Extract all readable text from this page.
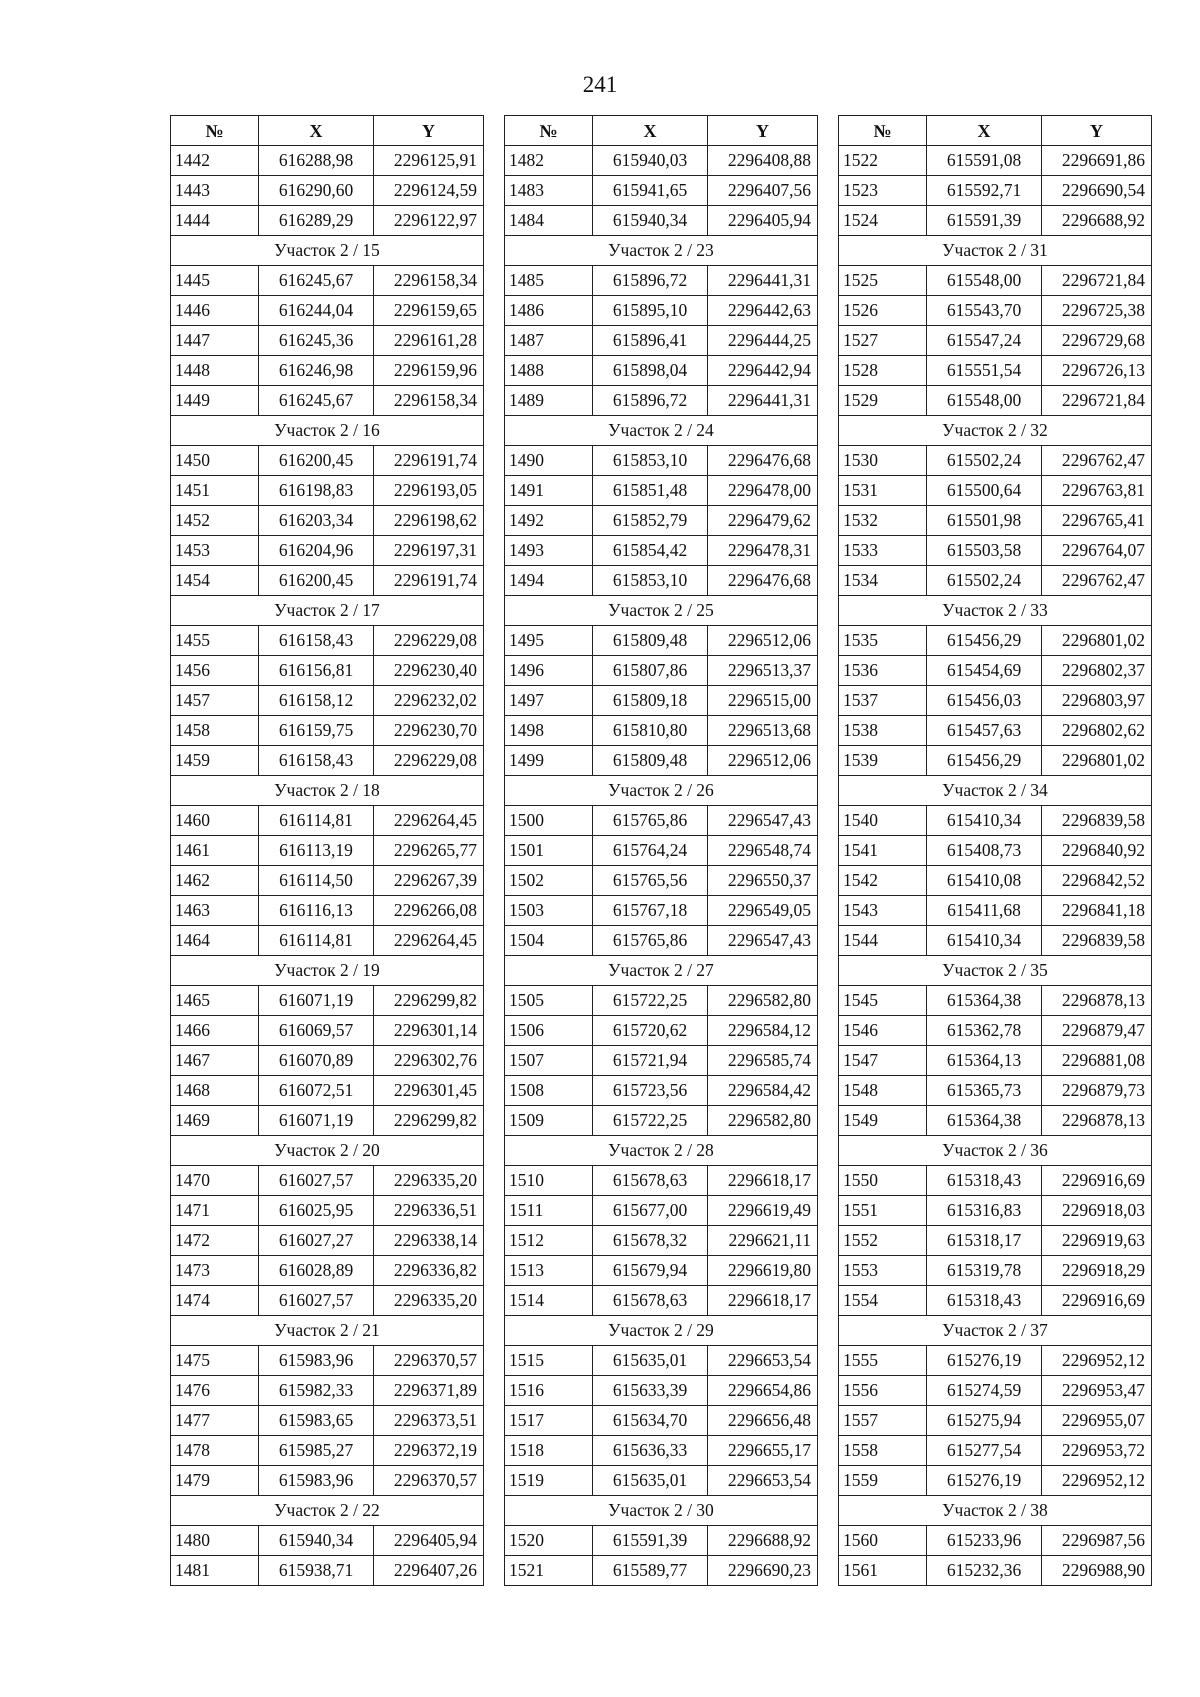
241
№	X	Y
1442	616288,98	2296125,91
1443	616290,60	2296124,59
1444	616289,29	2296122,97
Участок 2 / 15		
1445	616245,67	2296158,34
1446	616244,04	2296159,65
1447	616245,36	2296161,28
1448	616246,98	2296159,96
1449	616245,67	2296158,34
Участок 2 / 16		
1450	616200,45	2296191,74
1451	616198,83	2296193,05
1452	616203,34	2296198,62
1453	616204,96	2296197,31
1454	616200,45	2296191,74
Участок 2 / 17		
1455	616158,43	2296229,08
1456	616156,81	2296230,40
1457	616158,12	2296232,02
1458	616159,75	2296230,70
1459	616158,43	2296229,08
Участок 2 / 18		
1460	616114,81	2296264,45
1461	616113,19	2296265,77
1462	616114,50	2296267,39
1463	616116,13	2296266,08
1464	616114,81	2296264,45
Участок 2 / 19		
1465	616071,19	2296299,82
1466	616069,57	2296301,14
1467	616070,89	2296302,76
1468	616072,51	2296301,45
1469	616071,19	2296299,82
Участок 2 / 20		
1470	616027,57	2296335,20
1471	616025,95	2296336,51
1472	616027,27	2296338,14
1473	616028,89	2296336,82
1474	616027,57	2296335,20
Участок 2 / 21		
1475	615983,96	2296370,57
1476	615982,33	2296371,89
1477	615983,65	2296373,51
1478	615985,27	2296372,19
1479	615983,96	2296370,57
Участок 2 / 22		
1480	615940,34	2296405,94
1481	615938,71	2296407,26
№	X	Y
1482	615940,03	2296408,88
1483	615941,65	2296407,56
1484	615940,34	2296405,94
Участок 2 / 23		
1485	615896,72	2296441,31
1486	615895,10	2296442,63
1487	615896,41	2296444,25
1488	615898,04	2296442,94
1489	615896,72	2296441,31
Участок 2 / 24		
1490	615853,10	2296476,68
1491	615851,48	2296478,00
1492	615852,79	2296479,62
1493	615854,42	2296478,31
1494	615853,10	2296476,68
Участок 2 / 25		
1495	615809,48	2296512,06
1496	615807,86	2296513,37
1497	615809,18	2296515,00
1498	615810,80	2296513,68
1499	615809,48	2296512,06
Участок 2 / 26		
1500	615765,86	2296547,43
1501	615764,24	2296548,74
1502	615765,56	2296550,37
1503	615767,18	2296549,05
1504	615765,86	2296547,43
Участок 2 / 27		
1505	615722,25	2296582,80
1506	615720,62	2296584,12
1507	615721,94	2296585,74
1508	615723,56	2296584,42
1509	615722,25	2296582,80
Участок 2 / 28		
1510	615678,63	2296618,17
1511	615677,00	2296619,49
1512	615678,32	2296621,11
1513	615679,94	2296619,80
1514	615678,63	2296618,17
Участок 2 / 29		
1515	615635,01	2296653,54
1516	615633,39	2296654,86
1517	615634,70	2296656,48
1518	615636,33	2296655,17
1519	615635,01	2296653,54
Участок 2 / 30		
1520	615591,39	2296688,92
1521	615589,77	2296690,23
№	X	Y
1522	615591,08	2296691,86
1523	615592,71	2296690,54
1524	615591,39	2296688,92
Участок 2 / 31		
1525	615548,00	2296721,84
1526	615543,70	2296725,38
1527	615547,24	2296729,68
1528	615551,54	2296726,13
1529	615548,00	2296721,84
Участок 2 / 32		
1530	615502,24	2296762,47
1531	615500,64	2296763,81
1532	615501,98	2296765,41
1533	615503,58	2296764,07
1534	615502,24	2296762,47
Участок 2 / 33		
1535	615456,29	2296801,02
1536	615454,69	2296802,37
1537	615456,03	2296803,97
1538	615457,63	2296802,62
1539	615456,29	2296801,02
Участок 2 / 34		
1540	615410,34	2296839,58
1541	615408,73	2296840,92
1542	615410,08	2296842,52
1543	615411,68	2296841,18
1544	615410,34	2296839,58
Участок 2 / 35		
1545	615364,38	2296878,13
1546	615362,78	2296879,47
1547	615364,13	2296881,08
1548	615365,73	2296879,73
1549	615364,38	2296878,13
Участок 2 / 36		
1550	615318,43	2296916,69
1551	615316,83	2296918,03
1552	615318,17	2296919,63
1553	615319,78	2296918,29
1554	615318,43	2296916,69
Участок 2 / 37		
1555	615276,19	2296952,12
1556	615274,59	2296953,47
1557	615275,94	2296955,07
1558	615277,54	2296953,72
1559	615276,19	2296952,12
Участок 2 / 38		
1560	615233,96	2296987,56
1561	615232,36	2296988,90
